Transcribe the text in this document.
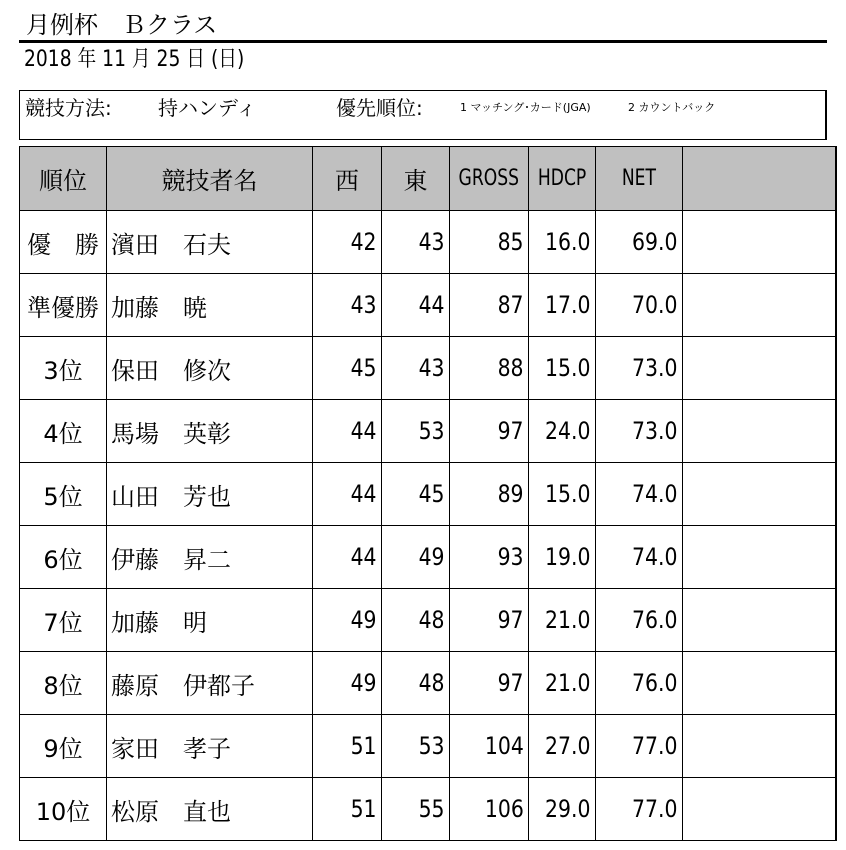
月例杯　Ｂクラス
2018 年 11 月 25 日 (日)
競技方法: 持ハンディ	優先順位:	1 マッチング･カード(JGA)	2 カウントバック
順位	競技者名	西	東	GROSS	HDCP	NET	
優　勝	濱田　石夫	42	43	85	16.0	69.0	
準優勝	加藤　暁	43	44	87	17.0	70.0	
3位	保田　修次	45	43	88	15.0	73.0	
4位	馬場　英彰	44	53	97	24.0	73.0	
5位	山田　芳也	44	45	89	15.0	74.0	
6位	伊藤　昇二	44	49	93	19.0	74.0	
7位	加藤　明	49	48	97	21.0	76.0	
8位	藤原　伊都子	49	48	97	21.0	76.0	
9位	家田　孝子	51	53	104	27.0	77.0	
10位	松原　直也	51	55	106	29.0	77.0	
